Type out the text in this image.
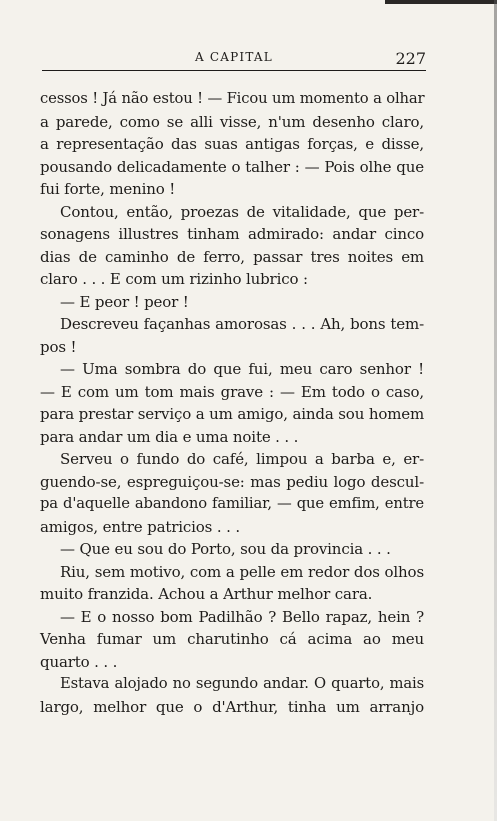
A CAPITAL	227
cessos ! Já não estou ! — Ficou um momento a olhar
a parede, como se alli visse, n'um desenho claro,
a representação das suas antigas forças, e disse,
pousando delicadamente o talher : — Pois olhe que
fui forte, menino !
Contou, então, proezas de vitalidade, que per-
sonagens illustres tinham admirado: andar cinco
dias de caminho de ferro, passar tres noites em
claro . . . E com um rizinho lubrico :
— E peor ! peor !
Descreveu façanhas amorosas . . . Ah, bons tem-
pos !
— Uma sombra do que fui, meu caro senhor !
— E com um tom mais grave : — Em todo o caso,
para prestar serviço a um amigo, ainda sou homem
para andar um dia e uma noite . . .
Serveu o fundo do café, limpou a barba e, er-
guendo-se, espreguiçou-se: mas pediu logo descul-
pa d'aquelle abandono familiar, — que emfim, entre
amigos, entre patricios . . .
— Que eu sou do Porto, sou da provincia . . .
Riu, sem motivo, com a pelle em redor dos olhos
muito franzida. Achou a Arthur melhor cara.
— E o nosso bom Padilhão ? Bello rapaz, hein ?
Venha fumar um charutinho cá acima ao meu
quarto . . .
Estava alojado no segundo andar. O quarto, mais
largo, melhor que o d'Arthur, tinha um arranjo
